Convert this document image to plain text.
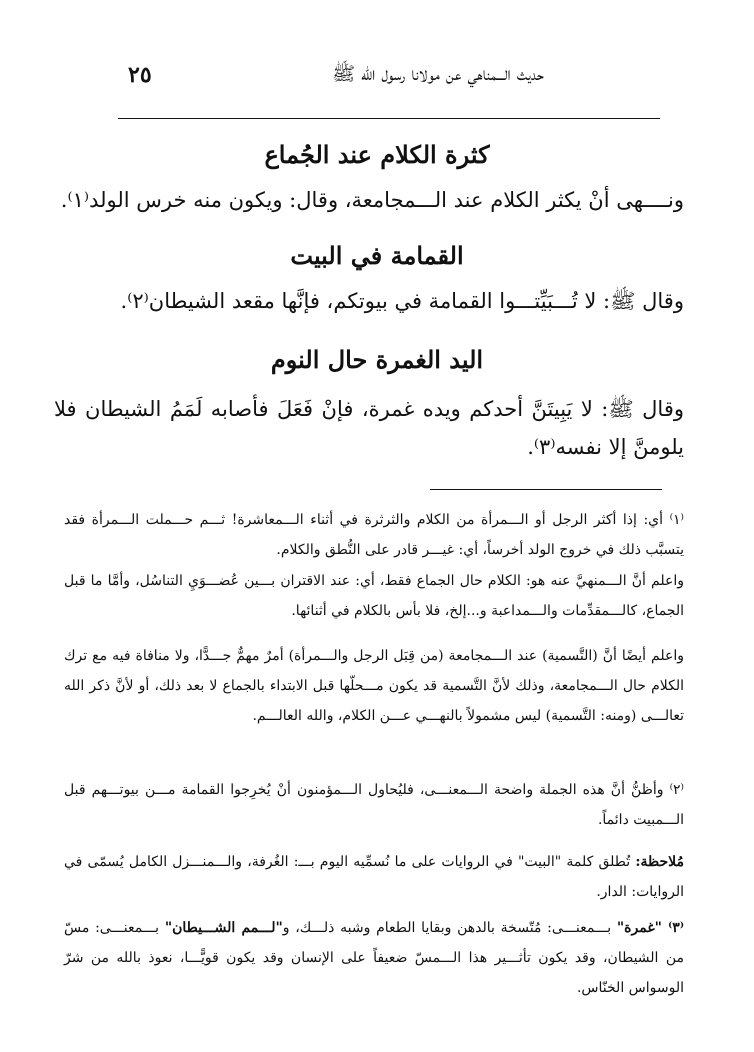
حديث الـــمناهي عن مولانا رسول الله ﷺ
٢٥
كثرة الكلام عند الجُماع
ونــــهى أنْ يكثر الكلام عند الـــمجامعة، وقال: ويكون منه خرس الولد⁽١⁾.
القمامة في البيت
وقال ﷺ: لا تُـــبَيِّتـــوا القمامة في بيوتكم، فإنَّها مقعد الشيطان⁽٢⁾.
اليد الغمرة حال النوم
وقال ﷺ: لا يَبِيتَنَّ أحدكم ويده غمرة، فإنْ فَعَلَ فأصابه لَمَمُ الشيطان فلا يلومنَّ إلا نفسه⁽٣⁾.
⁽١⁾ أي: إذا أكثر الرجل أو الـــمرأة من الكلام والثرثرة في أثناء الـــمعاشرة! ثـــم حـــملت الـــمرأة فقد يتسبَّب ذلك في خروج الولد أخرساً، أي: غيـــر قادر على النُّطق والكلام.
واعلم أنَّ الـــمنهيَّ عنه هو: الكلام حال الجماع فقط، أي: عند الاقتران بـــين عُضـــوَيِ التناسُل، وأمَّا ما قبل الجماع، كالـــمقدِّمات والـــمداعبة و...إلخ، فلا بأس بالكلام في أثنائها.
واعلم أيضًا أنَّ (التَّسمية) عند الـــمجامعة (من قِبَل الرجل والـــمرأة) أمرٌ مهمٌّ جـــدًّا، ولا منافاة فيه مع ترك الكلام حال الـــمجامعة، وذلك لأنَّ التَّسمية قد يكون مـــحلّها قبل الابتداء بالجماع لا بعد ذلك، أو لأنَّ ذكر الله تعالـــى (ومنه: التَّسمية) ليس مشمولاً بالنهـــي عـــن الكلام، والله العالـــم.
⁽٢⁾ وأظنُّ أنَّ هذه الجملة واضحة الـــمعنـــى، فليُحاول الـــمؤمنون أنْ يُخرِجوا القمامة مـــن بيوتـــهم قبل الـــمبيت دائماً.
مُلاحظة: تُطلق كلمة "البيت" في الروايات على ما نُسمِّيه اليوم بـــ: الغُرفة، والـــمنـــزل الكامل يُسمّى في الروايات: الدار.
⁽٣⁾ "غمرة" بـــمعنـــى: مُتّسخة بالدهن وبقايا الطعام وشبه ذلـــك، و"لـــمم الشـــيطان" بـــمعنـــى: مسّ من الشيطان، وقد يكون تأثـــير هذا الـــمسّ ضعيفاً على الإنسان وقد يكون قويًّـــا، نعوذ بالله من شرّ الوسواس الخنّاس.
